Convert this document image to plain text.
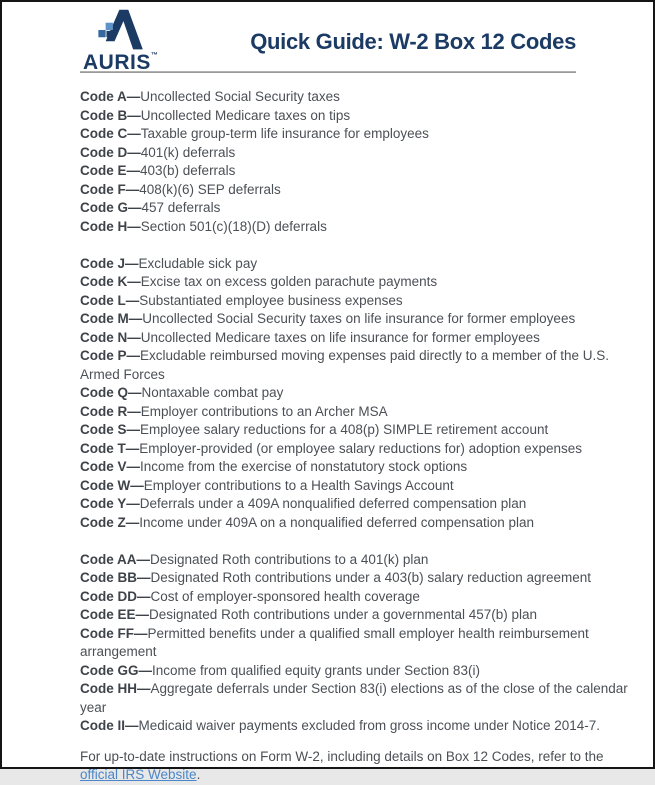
AURIS™
Quick Guide: W-2 Box 12 Codes

Code A—Uncollected Social Security taxes

Code B—Uncollected Medicare taxes on tips

Code C—Taxable group-term life insurance for employees

Code D—401(k) deferrals

Code E—403(b) deferrals

Code F—408(k)(6) SEP deferrals

Code G—457 deferrals

Code H—Section 501(c)(18)(D) deferrals

Code J—Excludable sick pay

Code K—Excise tax on excess golden parachute payments

Code L—Substantiated employee business expenses

Code M—Uncollected Social Security taxes on life insurance for former employees

Code N—Uncollected Medicare taxes on life insurance for former employees

Code P—Excludable reimbursed moving expenses paid directly to a member of the U.S. Armed Forces

Code Q—Nontaxable combat pay

Code R—Employer contributions to an Archer MSA

Code S—Employee salary reductions for a 408(p) SIMPLE retirement account

Code T—Employer-provided (or employee salary reductions for) adoption expenses

Code V—Income from the exercise of nonstatutory stock options

Code W—Employer contributions to a Health Savings Account

Code Y—Deferrals under a 409A nonqualified deferred compensation plan

Code Z—Income under 409A on a nonqualified deferred compensation plan

Code AA—Designated Roth contributions to a 401(k) plan

Code BB—Designated Roth contributions under a 403(b) salary reduction agreement

Code DD—Cost of employer-sponsored health coverage

Code EE—Designated Roth contributions under a governmental 457(b) plan

Code FF—Permitted benefits under a qualified small employer health reimbursement arrangement

Code GG—Income from qualified equity grants under Section 83(i)

Code HH—Aggregate deferrals under Section 83(i) elections as of the close of the calendar year

Code II—Medicaid waiver payments excluded from gross income under Notice 2014-7.

For up-to-date instructions on Form W-2, including details on Box 12 Codes, refer to the
official IRS Website.
